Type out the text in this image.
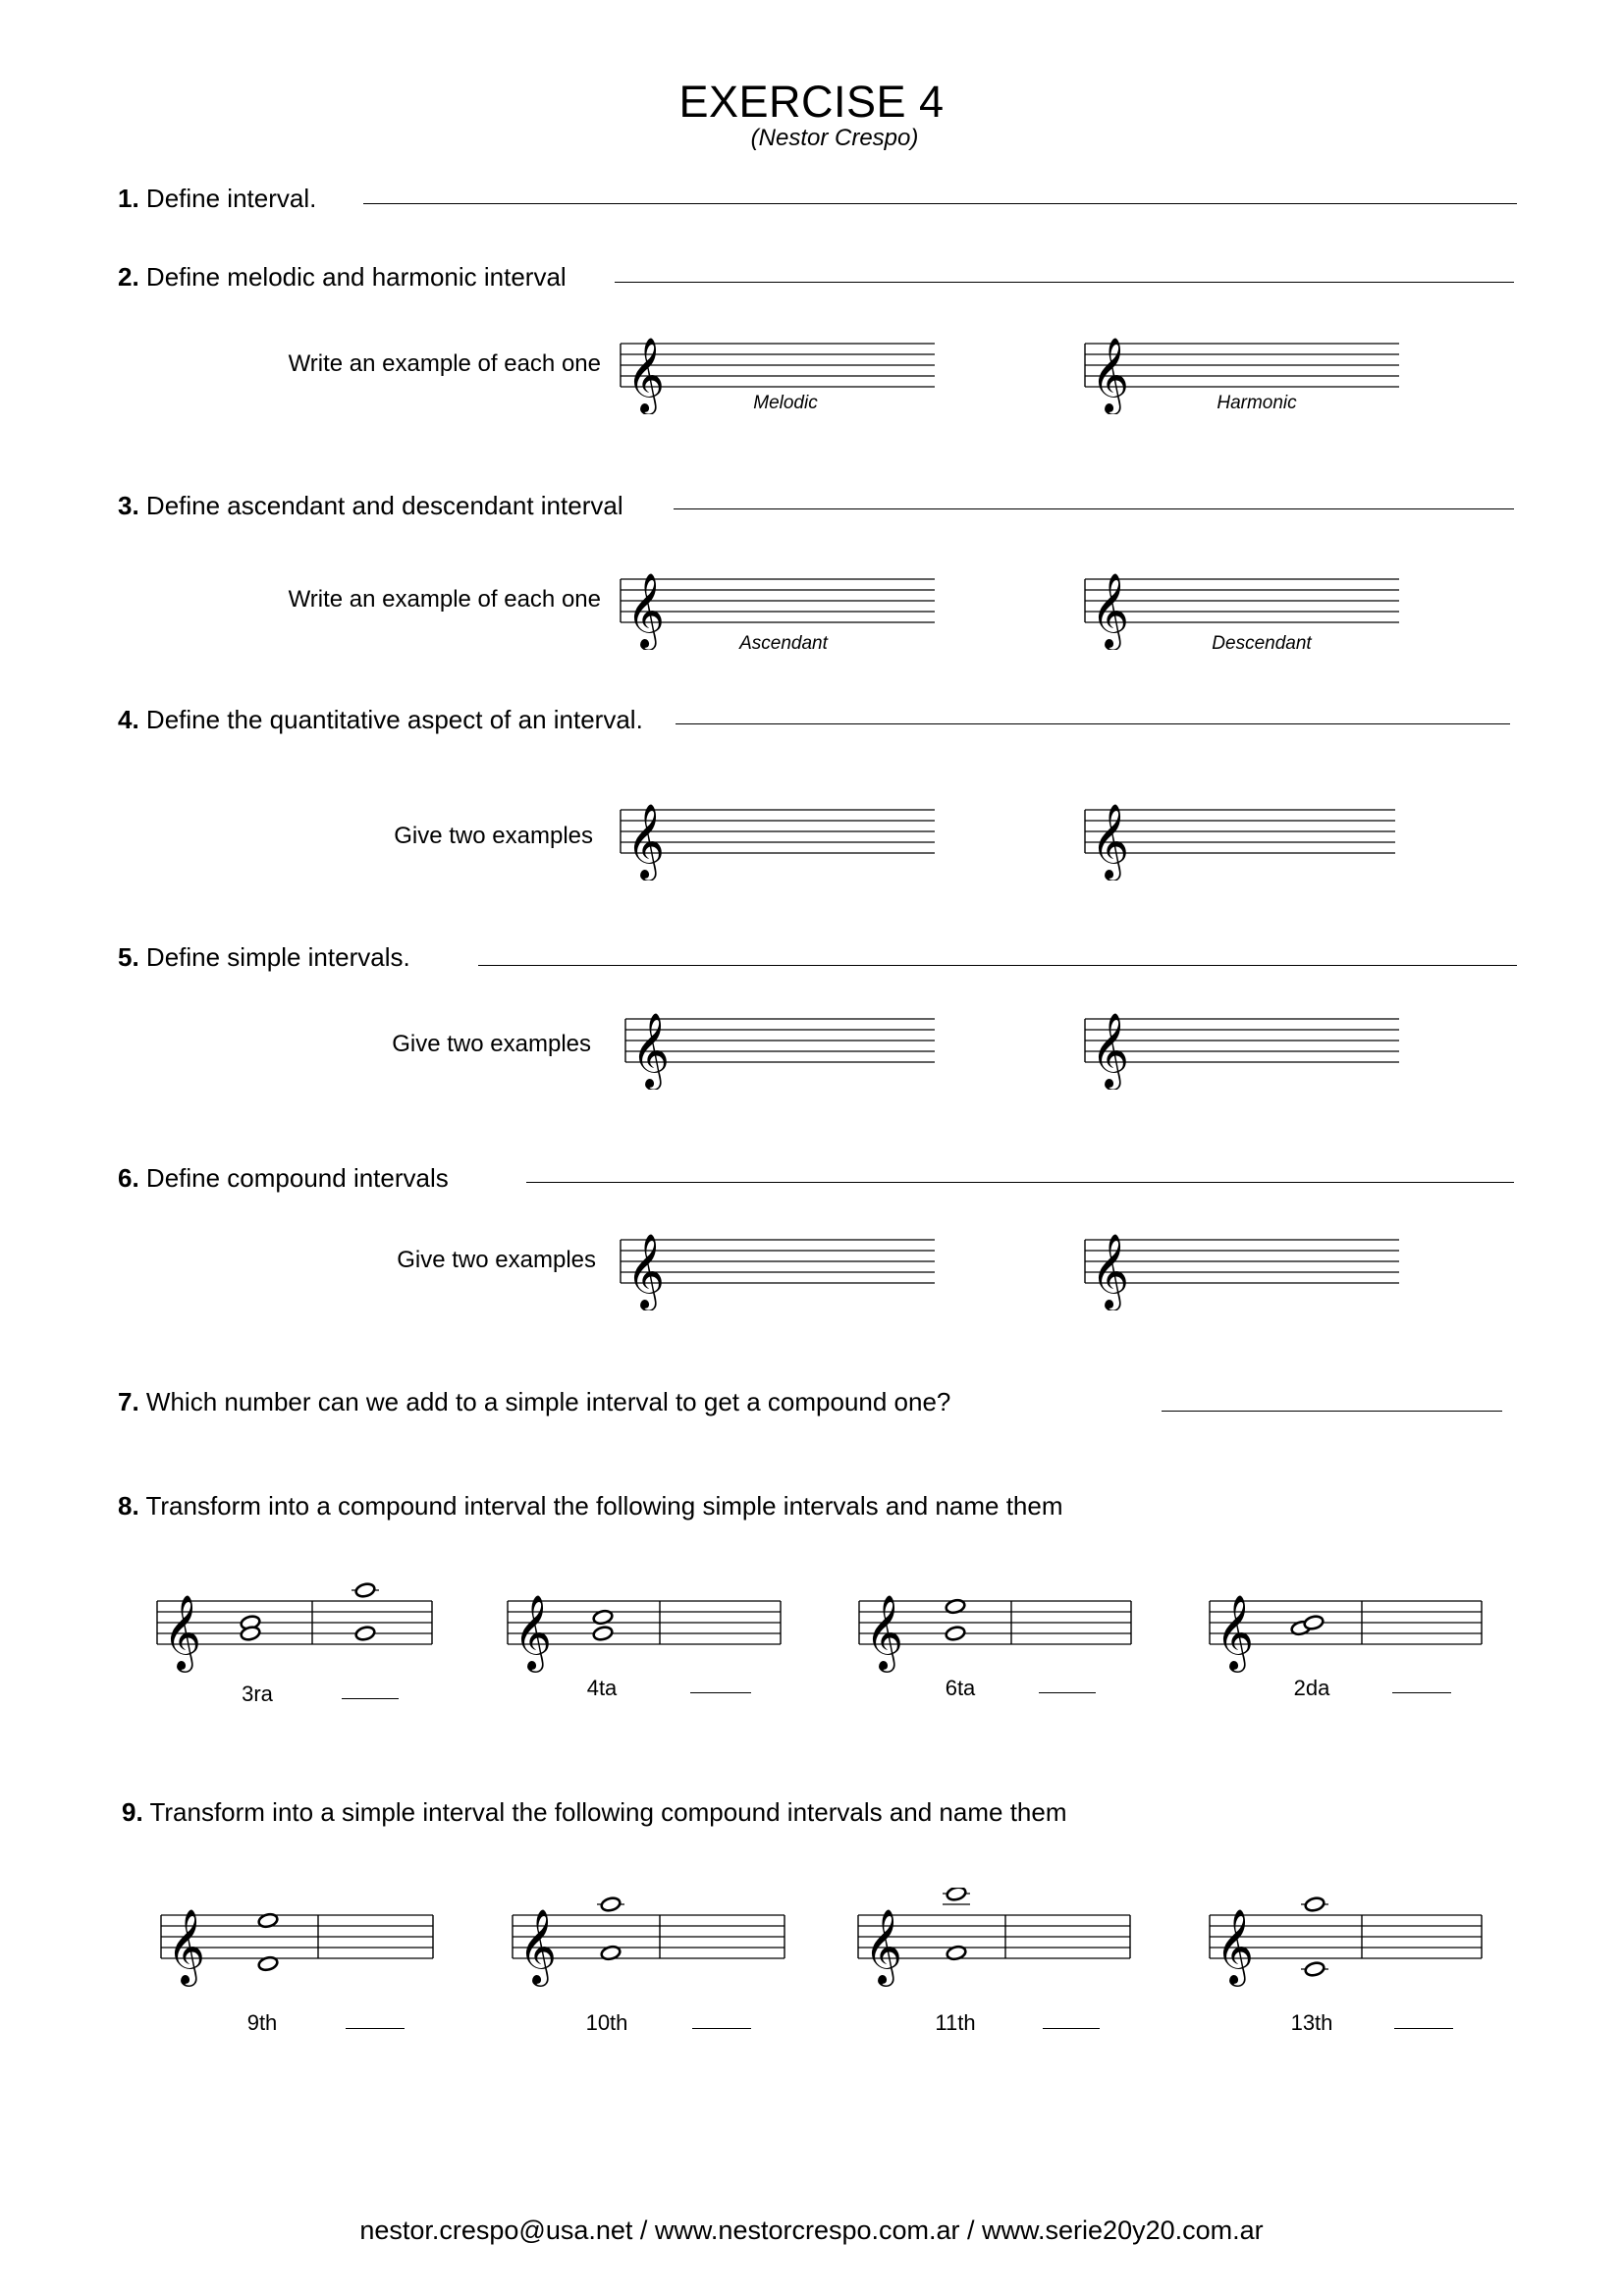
EXERCISE 4
(Nestor Crespo)
1. Define interval.
2. Define melodic and harmonic interval
Write an example of each one 𝄞	Melodic	𝄞	Harmonic
3. Define ascendant and descendant interval
Write an example of each one 𝄞	Ascendant	𝄞	Descendant
4. Define the quantitative aspect of an interval.
Give two examples 𝄞	𝄞
5. Define simple intervals.
Give two examples 𝄞	𝄞
6. Define compound intervals
Give two examples 𝄞	𝄞
7. Which number can we add to a simple interval to get a compound one?
8. Transform into a compound interval the following simple intervals and name them
𝄞
3ra
𝄞
4ta
𝄞
6ta
𝄞
2da
9. Transform into a simple interval the following compound intervals and name them
𝄞
9th
𝄞
10th
𝄞
11th
𝄞
13th
nestor.crespo@usa.net / www.nestorcrespo.com.ar / www.serie20y20.com.ar
